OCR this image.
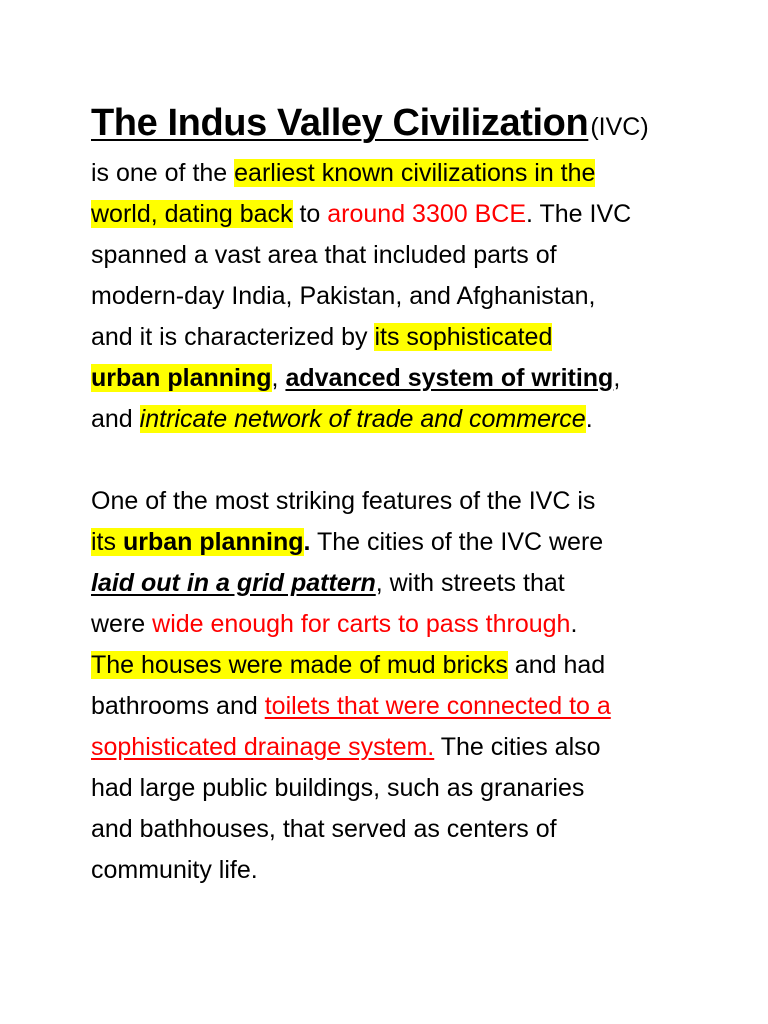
The Indus Valley Civilization(IVC)

is one of the earliest known civilizations in the
world, dating back to around 3300 BCE. The IVC
spanned a vast area that included parts of
modern-day India, Pakistan, and Afghanistan,
and it is characterized by its sophisticated
urban planning, advanced system of writing,
and intricate network of trade and commerce.

One of the most striking features of the IVC is
its urban planning. The cities of the IVC were
laid out in a grid pattern, with streets that
were wide enough for carts to pass through.
The houses were made of mud bricks and had
bathrooms and toilets that were connected to a
sophisticated drainage system. The cities also
had large public buildings, such as granaries
and bathhouses, that served as centers of
community life.
